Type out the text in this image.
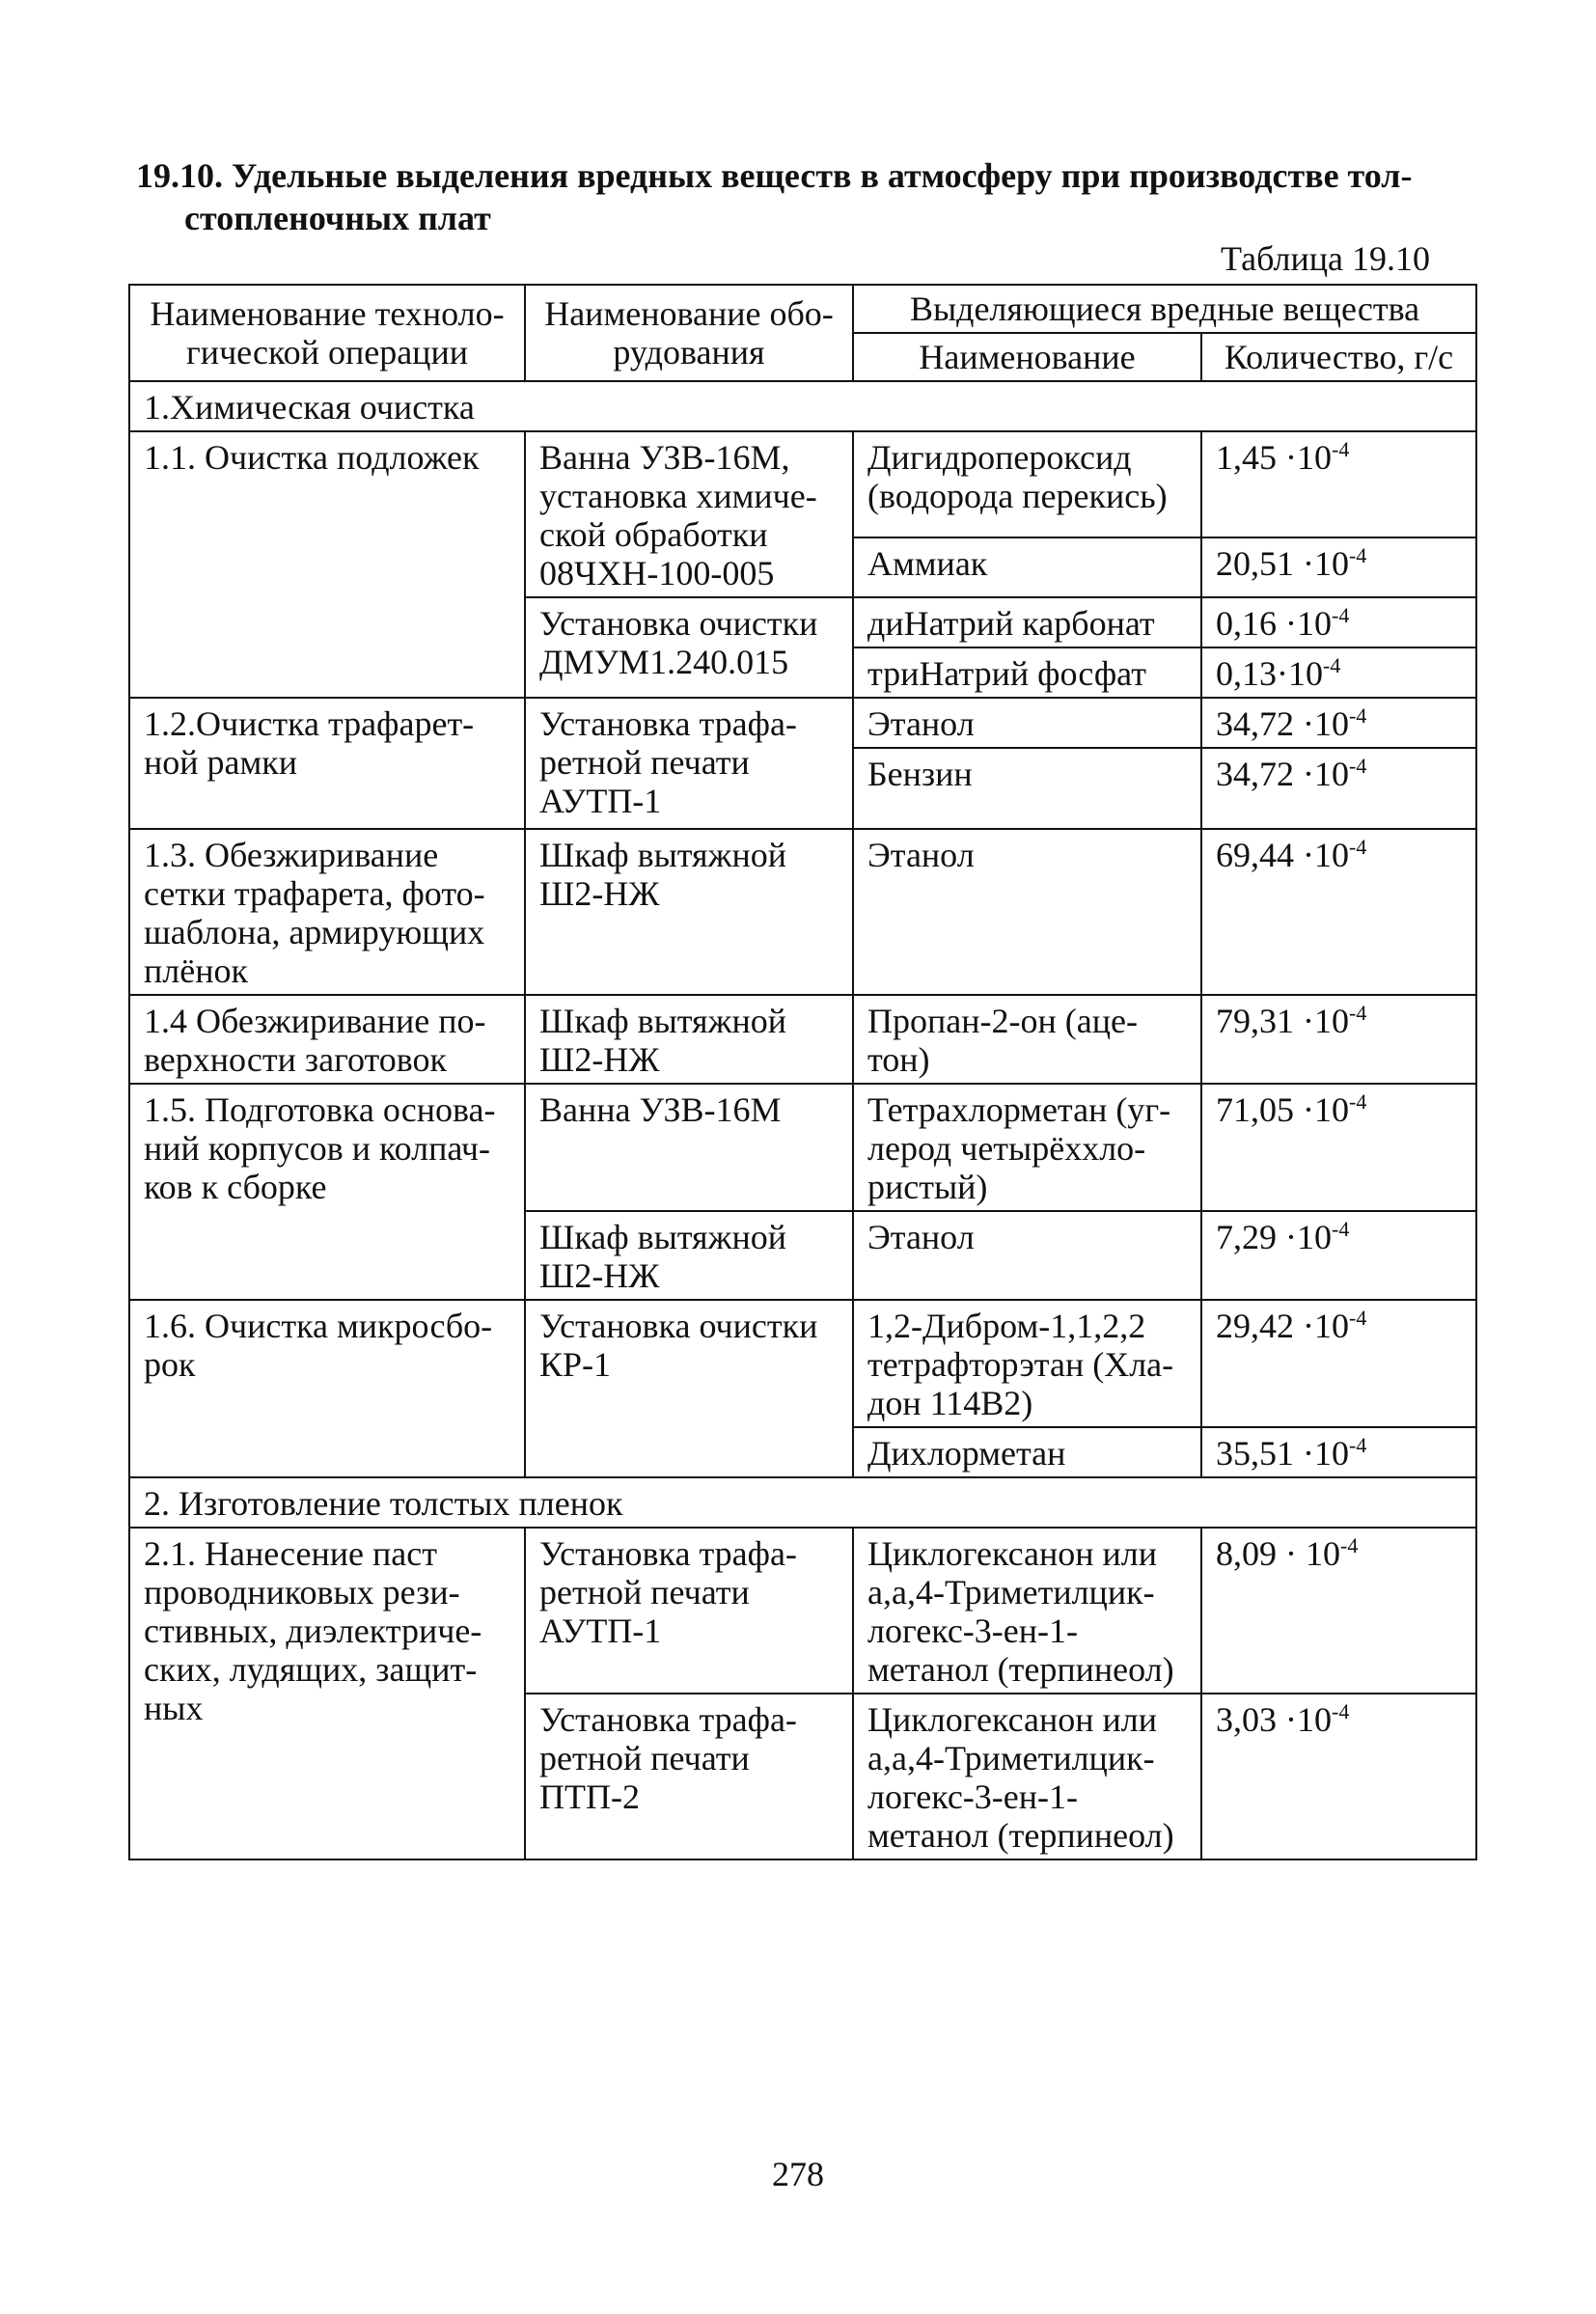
19.10. Удельные выделения вредных веществ в атмосферу при производстве тол-
стопленочных плат
Таблица 19.10
Наименование техноло-гической операции	Наименование обо-рудования	Выделяющиеся вредные вещества	
		Наименование	Количество, г/с
1.Химическая очистка			
1.1. Очистка подложек	Ванна УЗВ-16М, установка химиче-ской обработки 08ЧХН-100-005	Дигидропероксид (водорода перекись)	$1,45 \cdot 10^{-4}$
		Аммиак	$20,51 \cdot 10^{-4}$
	Установка очистки ДМУМ1.240.015	диНатрий карбонат	$0,16 \cdot 10^{-4}$
		триНатрий фосфат	$0,13\cdot 10^{-4}$
1.2.Очистка трафарет-ной рамки	Установка трафа-ретной печати АУТП-1	Этанол	$34,72 \cdot 10^{-4}$
		Бензин	$34,72 \cdot 10^{-4}$
1.3. Обезжиривание сетки трафарета, фото-шаблона, армирующих плёнок	Шкаф вытяжной Ш2-НЖ	Этанол	$69,44 \cdot 10^{-4}$
1.4 Обезжиривание по-верхности заготовок	Шкаф вытяжной Ш2-НЖ	Пропан-2-он (аце-тон)	$79,31 \cdot 10^{-4}$
1.5. Подготовка основа-ний корпусов и колпач-ков к сборке	Ванна УЗВ-16М	Тетрахлорметан (уг-лерод четырёххло-ристый)	$71,05 \cdot 10^{-4}$
	Шкаф вытяжной Ш2-НЖ	Этанол	$7,29 \cdot 10^{-4}$
1.6. Очистка микросбо-рок	Установка очистки КР-1	1,2-Дибром-1,1,2,2 тетрафторэтан (Хла-дон 114В2)	$29,42 \cdot 10^{-4}$
		Дихлорметан	$35,51 \cdot 10^{-4}$
2. Изготовление толстых пленок			
2.1. Нанесение паст проводниковых рези-стивных, диэлектриче-ских, лудящих, защит-ных	Установка трафа-ретной печати АУТП-1	Циклогексанон или а,а,4-Триметилцик-логекс-3-ен-1-метанол (терпинеол)	$8,09 \cdot 10^{-4}$
	Установка трафа-ретной печати ПТП-2	Циклогексанон или а,а,4-Триметилцик-логекс-3-ен-1-метанол (терпинеол)	$3,03 \cdot 10^{-4}$
278
